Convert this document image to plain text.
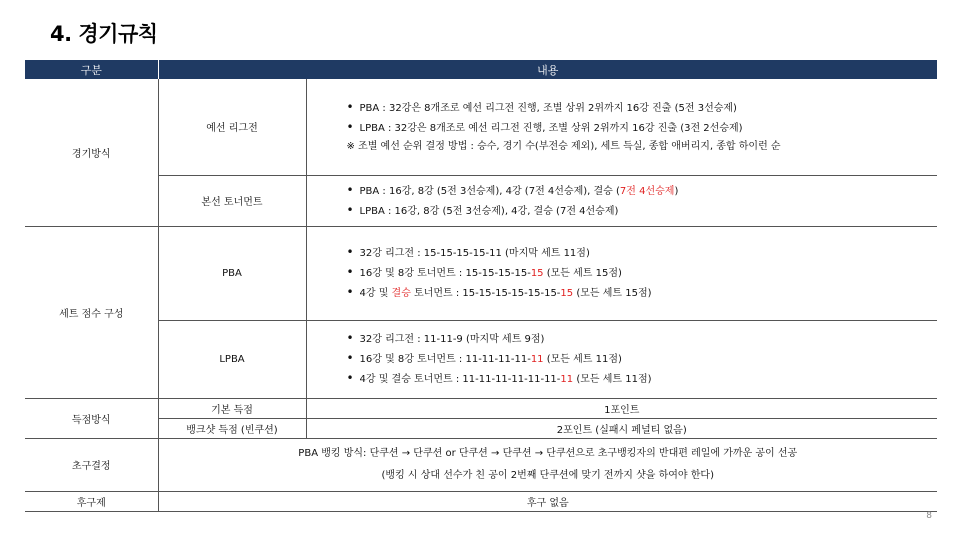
4. 경기규칙
구분	내용	
경기방식	예선 리그전	• PBA : 32강은 8개조로 예선 리그전 진행, 조별 상위 2위까지 16강 진출 (5전 3선승제)
• LPBA : 32강은 8개조로 예선 리그전 진행, 조별 상위 2위까지 16강 진출 (3전 2선승제)
※ 조별 예선 순위 결정 방법 : 승수, 경기 수(부전승 제외), 세트 득실, 종합 애버리지, 종합 하이런 순

	본선 토너먼트	• PBA : 16강, 8강 (5전 3선승제), 4강 (7전 4선승제), 결승 (7전 4선승제)
• LPBA : 16강, 8강 (5전 3선승제), 4강, 결승 (7전 4선승제)

세트 점수 구성	PBA	• 32강 리그전 : 15-15-15-15-11 (마지막 세트 11점)
• 16강 및 8강 토너먼트 : 15-15-15-15-15 (모든 세트 15점)
• 4강 및 결승 토너먼트 : 15-15-15-15-15-15-15 (모든 세트 15점)

	LPBA	• 32강 리그전 : 11-11-9 (마지막 세트 9점)
• 16강 및 8강 토너먼트 : 11-11-11-11-11 (모든 세트 11점)
• 4강 및 결승 토너먼트 : 11-11-11-11-11-11-11 (모든 세트 11점)

득점방식	기본 득점	1포인트
	뱅크샷 득점 (빈쿠션)	2포인트 (실패시 페널티 없음)
초구결정	PBA 뱅킹 방식: 단쿠션 → 단쿠션 or 단쿠션 → 단쿠션 → 단쿠션으로 초구뱅킹자의 반대편 레일에 가까운 공이 선공
(뱅킹 시 상대 선수가 친 공이 2번째 단쿠션에 맞기 전까지 샷을 하여야 한다)	

후구제	후구 없음	
8
